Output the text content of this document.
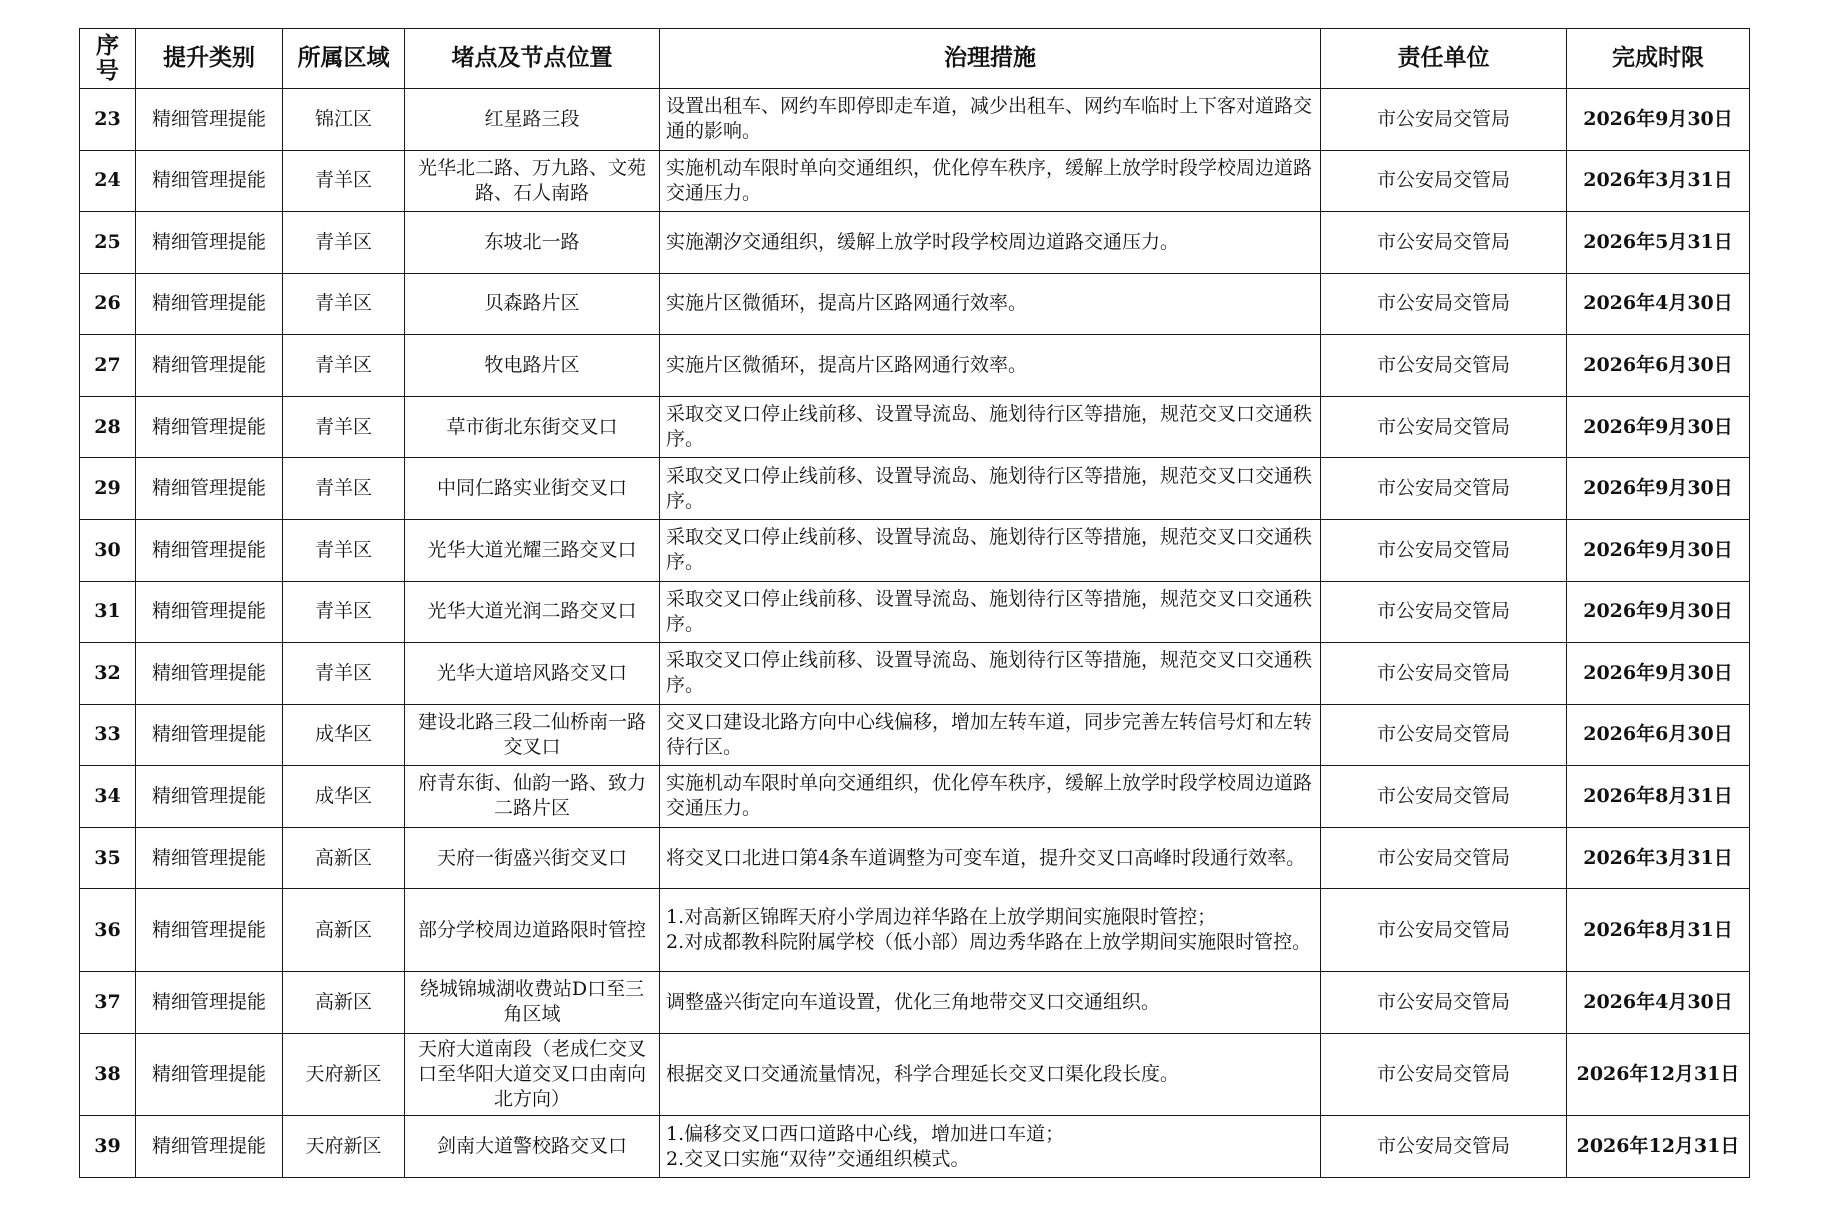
序号	提升类别	所属区域	堵点及节点位置	治理措施	责任单位	完成时限
23	精细管理提能	锦江区	红星路三段	设置出租车、网约车即停即走车道，减少出租车、网约车临时上下客对道路交通的影响。	市公安局交管局	2026年9月30日
24	精细管理提能	青羊区	光华北二路、万九路、文苑路、石人南路	实施机动车限时单向交通组织，优化停车秩序，缓解上放学时段学校周边道路交通压力。	市公安局交管局	2026年3月31日
25	精细管理提能	青羊区	东坡北一路	实施潮汐交通组织，缓解上放学时段学校周边道路交通压力。	市公安局交管局	2026年5月31日
26	精细管理提能	青羊区	贝森路片区	实施片区微循环，提高片区路网通行效率。	市公安局交管局	2026年4月30日
27	精细管理提能	青羊区	牧电路片区	实施片区微循环，提高片区路网通行效率。	市公安局交管局	2026年6月30日
28	精细管理提能	青羊区	草市街北东街交叉口	采取交叉口停止线前移、设置导流岛、施划待行区等措施，规范交叉口交通秩序。	市公安局交管局	2026年9月30日
29	精细管理提能	青羊区	中同仁路实业街交叉口	采取交叉口停止线前移、设置导流岛、施划待行区等措施，规范交叉口交通秩序。	市公安局交管局	2026年9月30日
30	精细管理提能	青羊区	光华大道光耀三路交叉口	采取交叉口停止线前移、设置导流岛、施划待行区等措施，规范交叉口交通秩序。	市公安局交管局	2026年9月30日
31	精细管理提能	青羊区	光华大道光润二路交叉口	采取交叉口停止线前移、设置导流岛、施划待行区等措施，规范交叉口交通秩序。	市公安局交管局	2026年9月30日
32	精细管理提能	青羊区	光华大道培风路交叉口	采取交叉口停止线前移、设置导流岛、施划待行区等措施，规范交叉口交通秩序。	市公安局交管局	2026年9月30日
33	精细管理提能	成华区	建设北路三段二仙桥南一路交叉口	交叉口建设北路方向中心线偏移，增加左转车道，同步完善左转信号灯和左转待行区。	市公安局交管局	2026年6月30日
34	精细管理提能	成华区	府青东街、仙韵一路、致力二路片区	实施机动车限时单向交通组织，优化停车秩序，缓解上放学时段学校周边道路交通压力。	市公安局交管局	2026年8月31日
35	精细管理提能	高新区	天府一街盛兴街交叉口	将交叉口北进口第4条车道调整为可变车道，提升交叉口高峰时段通行效率。	市公安局交管局	2026年3月31日
36	精细管理提能	高新区	部分学校周边道路限时管控	1.对高新区锦晖天府小学周边祥华路在上放学期间实施限时管控；
2.对成都教科院附属学校（低小部）周边秀华路在上放学期间实施限时管控。	市公安局交管局	2026年8月31日
37	精细管理提能	高新区	绕城锦城湖收费站D口至三角区域	调整盛兴街定向车道设置，优化三角地带交叉口交通组织。	市公安局交管局	2026年4月30日
38	精细管理提能	天府新区	天府大道南段（老成仁交叉口至华阳大道交叉口由南向北方向）	根据交叉口交通流量情况，科学合理延长交叉口渠化段长度。	市公安局交管局	2026年12月31日
39	精细管理提能	天府新区	剑南大道警校路交叉口	1.偏移交叉口西口道路中心线，增加进口车道；
2.交叉口实施“双待”交通组织模式。	市公安局交管局	2026年12月31日
